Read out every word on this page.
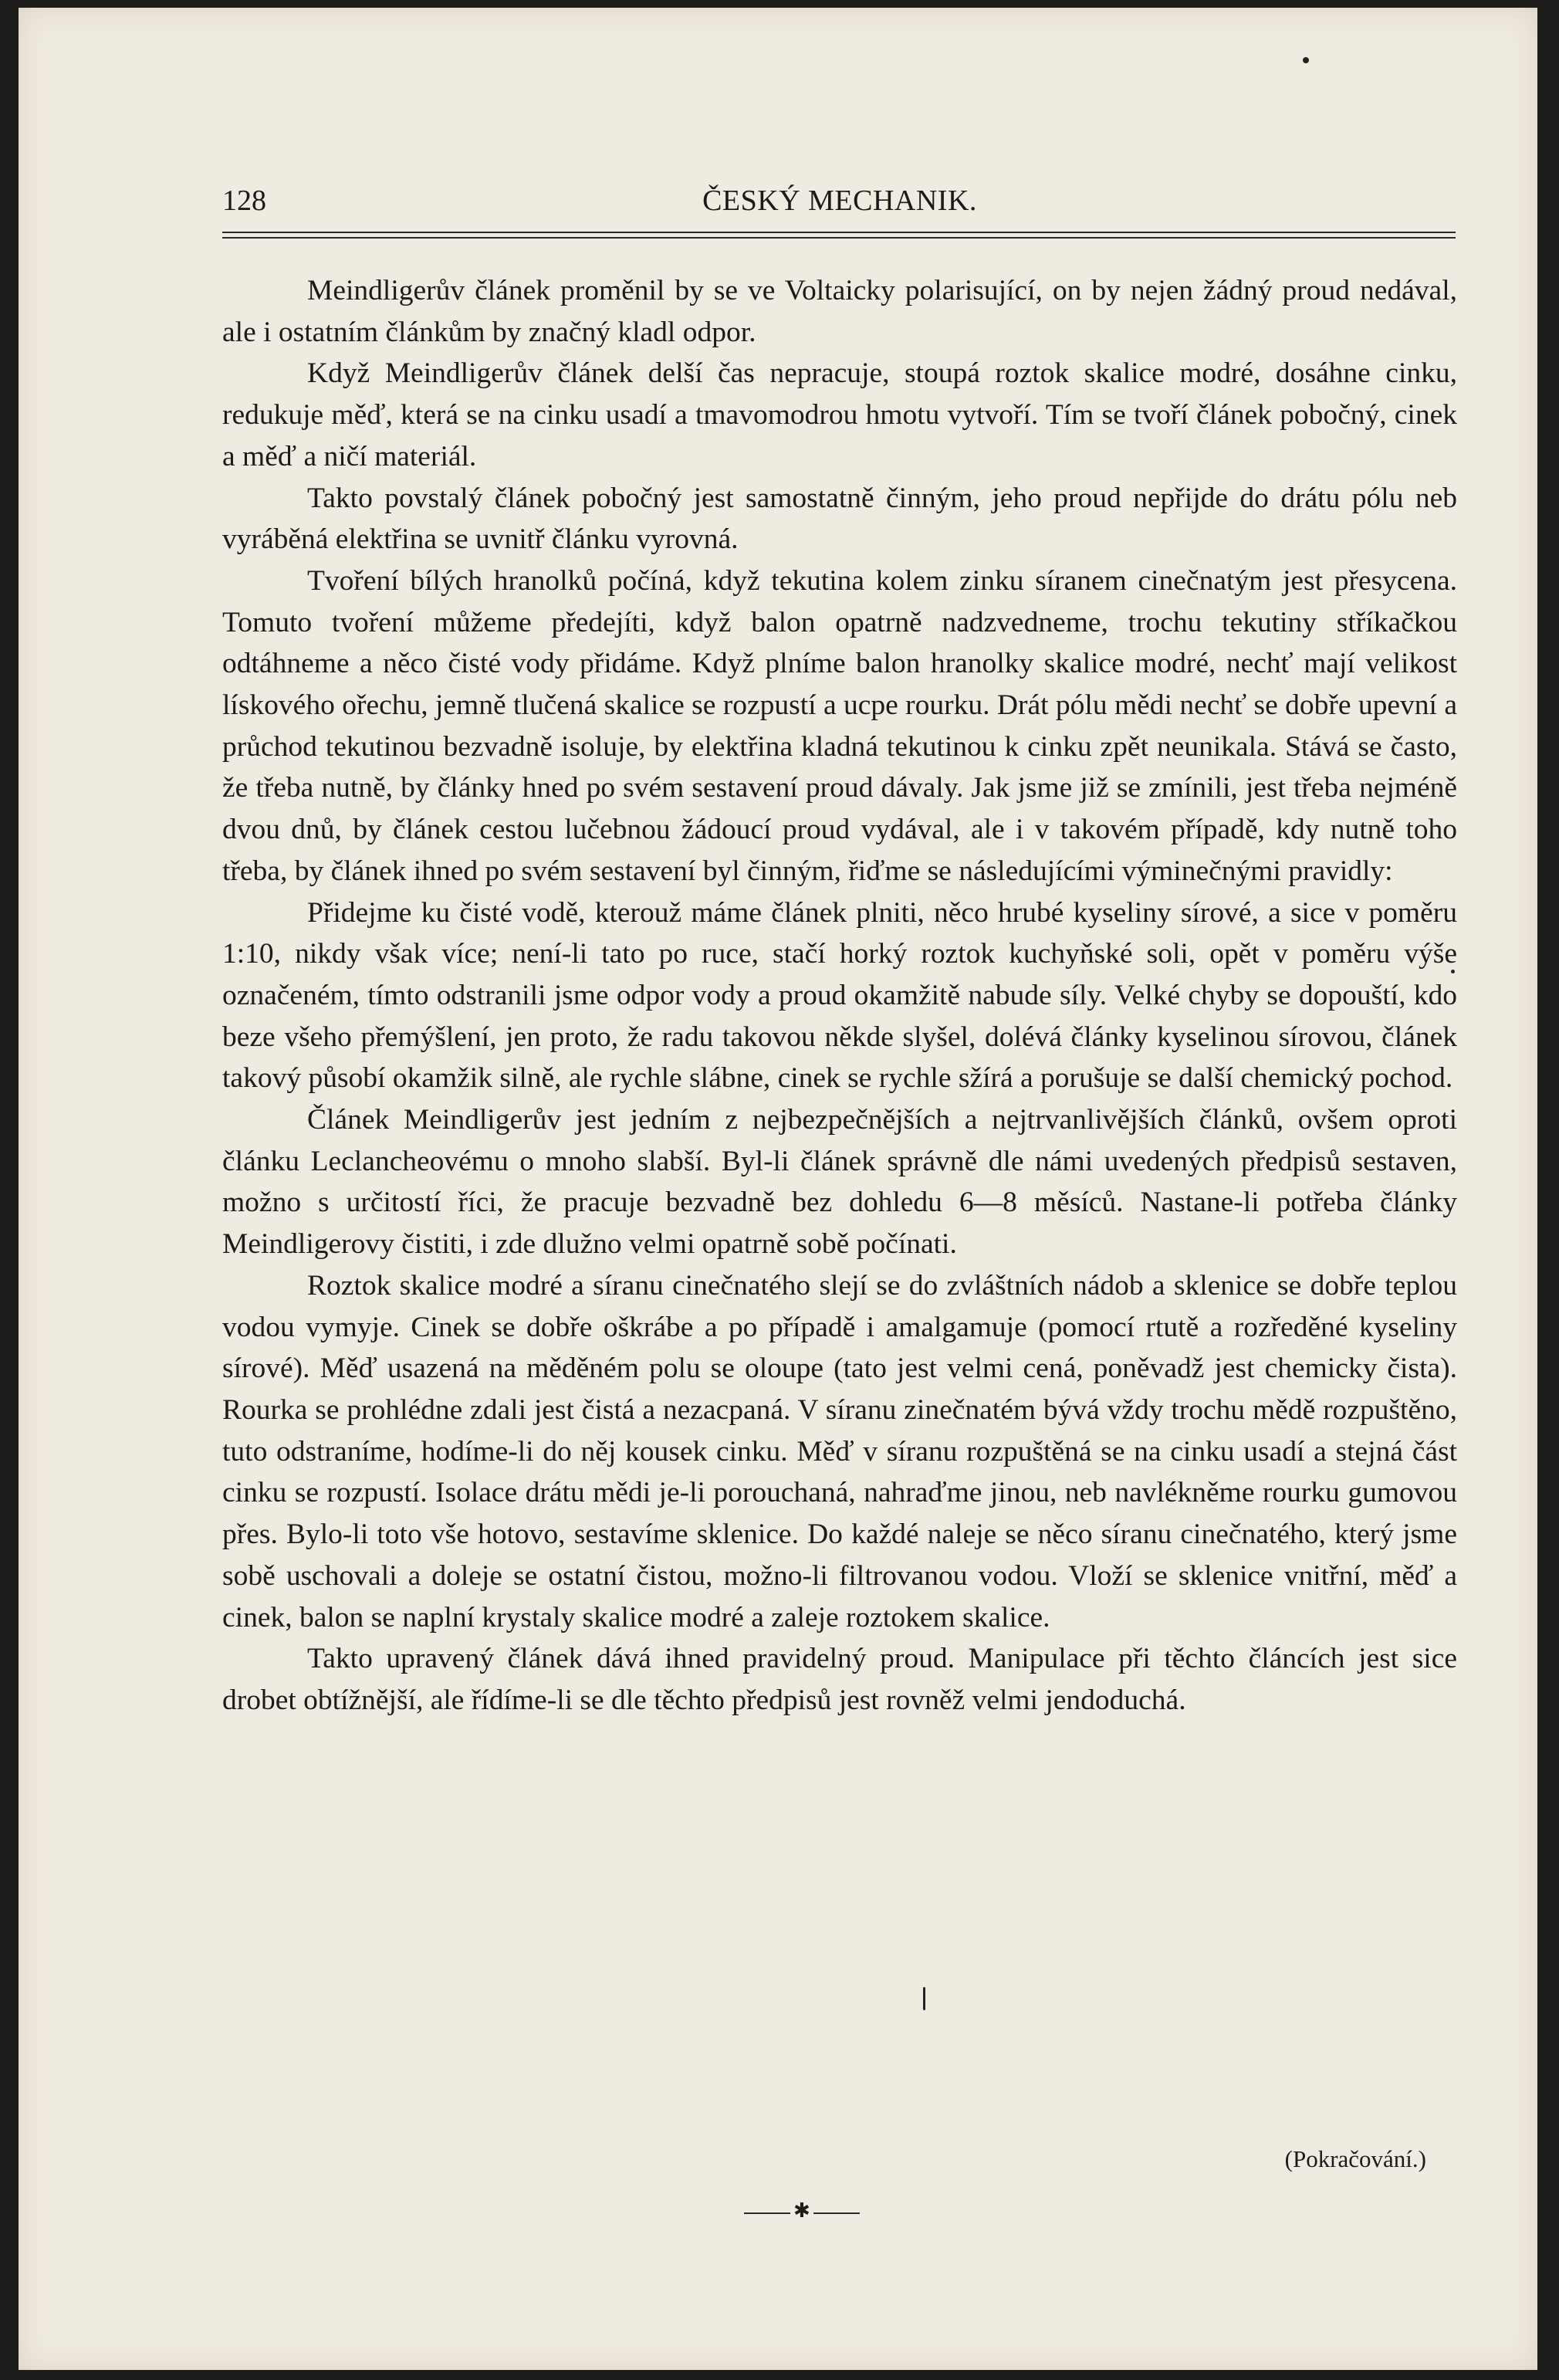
128	ČESKÝ MECHANIK.

Meindligerův článek proměnil by se ve Voltaicky polarisující, on by nejen žádný proud nedával, ale i ostatním článkům by značný kladl odpor.

Když Meindligerův článek delší čas nepracuje, stoupá roztok skalice modré, dosáhne cinku, redukuje měď, která se na cinku usadí a tmavomodrou hmotu vytvoří. Tím se tvoří článek pobočný, cinek a měď a ničí materiál.

Takto povstalý článek pobočný jest samostatně činným, jeho proud nepřijde do drátu pólu neb vyráběná elektřina se uvnitř článku vyrovná.

Tvoření bílých hranolků počíná, když tekutina kolem zinku síranem cinečnatým jest přesycena. Tomuto tvoření můžeme předejíti, když balon opatrně nadzvedneme, trochu tekutiny stříkačkou odtáhneme a něco čisté vody přidáme. Když plníme balon hranolky skalice modré, nechť mají velikost lískového ořechu, jemně tlučená skalice se rozpustí a ucpe rourku. Drát pólu mědi nechť se dobře upevní a průchod tekutinou bezvadně isoluje, by elektřina kladná tekutinou k cinku zpět neunikala. Stává se často, že třeba nutně, by články hned po svém sestavení proud dávaly. Jak jsme již se zmínili, jest třeba nejméně dvou dnů, by článek cestou lučebnou žádoucí proud vydával, ale i v takovém případě, kdy nutně toho třeba, by článek ihned po svém sestavení byl činným, řiďme se následujícími výminečnými pravidly:

Přidejme ku čisté vodě, kterouž máme článek plniti, něco hrubé kyseliny sírové, a sice v poměru 1:10, nikdy však více; není-li tato po ruce, stačí horký roztok kuchyňské soli, opět v poměru výše označeném, tímto odstranili jsme odpor vody a proud okamžitě nabude síly. Velké chyby se dopouští, kdo beze všeho přemýšlení, jen proto, že radu takovou někde slyšel, dolévá články kyselinou sírovou, článek takový působí okamžik silně, ale rychle slábne, cinek se rychle sžírá a porušuje se další chemický pochod.

Článek Meindligerův jest jedním z nejbezpečnějších a nejtrvanlivějších článků, ovšem oproti článku Leclancheovému o mnoho slabší. Byl-li článek správně dle námi uvedených předpisů sestaven, možno s určitostí říci, že pracuje bezvadně bez dohledu 6—8 měsíců. Nastane-li potřeba články Meindligerovy čistiti, i zde dlužno velmi opatrně sobě počínati.

Roztok skalice modré a síranu cinečnatého slejí se do zvláštních nádob a sklenice se dobře teplou vodou vymyje. Cinek se dobře oškrábe a po případě i amalgamuje (pomocí rtutě a rozředěné kyseliny sírové). Měď usazená na měděném polu se oloupe (tato jest velmi cená, poněvadž jest chemicky čista). Rourka se prohlédne zdali jest čistá a nezacpaná. V síranu zinečnatém bývá vždy trochu mědě rozpuštěno, tuto odstraníme, hodíme-li do něj kousek cinku. Měď v síranu rozpuštěná se na cinku usadí a stejná část cinku se rozpustí. Isolace drátu mědi je-li porouchaná, nahraďme jinou, neb navlékněme rourku gumovou přes. Bylo-li toto vše hotovo, sestavíme sklenice. Do každé naleje se něco síranu cinečnatého, který jsme sobě uschovali a doleje se ostatní čistou, možno-li filtrovanou vodou. Vloží se sklenice vnitřní, měď a cinek, balon se naplní krystaly skalice modré a zaleje roztokem skalice.

Takto upravený článek dává ihned pravidelný proud. Manipulace při těchto článcích jest sice drobet obtížnější, ale řídíme-li se dle těchto předpisů jest rovněž velmi jendoduchá.

(Pokračování.)
✱
